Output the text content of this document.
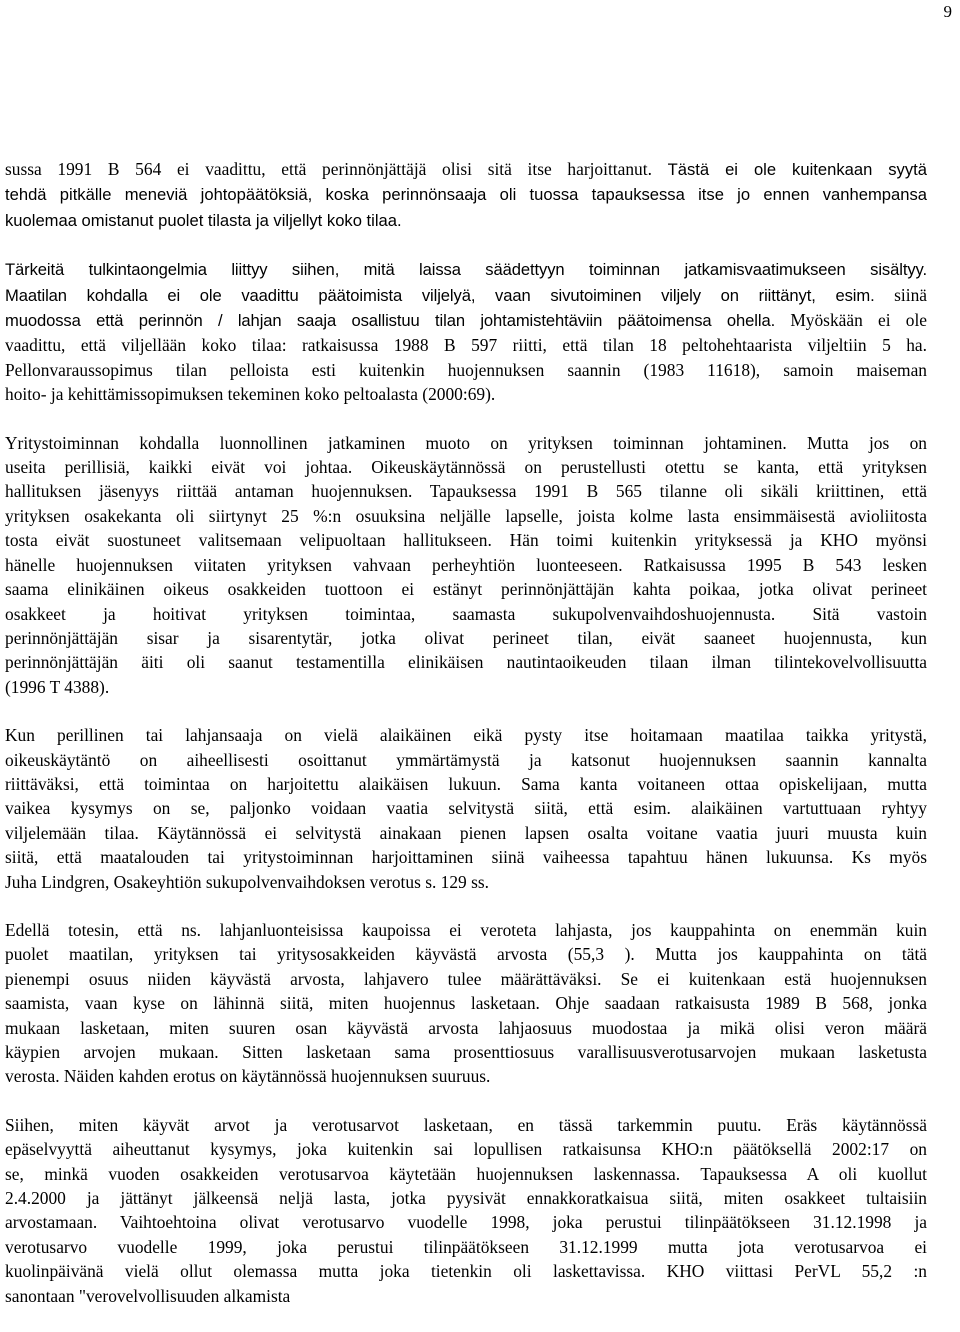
9
sussa 1991 B 564 ei vaadittu, että perinnönjättäjä olisi sitä itse harjoittanut. Tästä ei ole kuitenkaan syytä
tehdä pitkälle meneviä johtopäätöksiä, koska perinnönsaaja oli tuossa tapauksessa itse jo ennen vanhempansa
kuolemaa omistanut puolet tilasta ja viljellyt koko tilaa.
Tärkeitä tulkintaongelmia liittyy siihen, mitä laissa säädettyyn toiminnan jatkamisvaatimukseen sisältyy.
Maatilan kohdalla ei ole vaadittu päätoimista viljelyä, vaan sivutoiminen viljely on riittänyt, esim. siinä
muodossa että perinnön / lahjan saaja osallistuu tilan johtamistehtäviin päätoimensa ohella. Myöskään ei ole
vaadittu, että viljellään koko tilaa: ratkaisussa 1988 B 597 riitti, että tilan 18 peltohehtaarista viljeltiin 5 ha.
Pellonvaraussopimus tilan pelloista esti kuitenkin huojennuksen saannin (1983 11618), samoin maiseman
hoito- ja kehittämissopimuksen tekeminen koko peltoalasta (2000:69).
Yritystoiminnan kohdalla luonnollinen jatkaminen muoto on yrityksen toiminnan johtaminen. Mutta jos on
useita perillisiä, kaikki eivät voi johtaa. Oikeuskäytännössä on perustellusti otettu se kanta, että yrityksen
hallituksen jäsenyys riittää antaman huojennuksen. Tapauksessa 1991 B 565 tilanne oli sikäli kriittinen, että
yrityksen osakekanta oli siirtynyt 25 %:n osuuksina neljälle lapselle, joista kolme lasta ensimmäisestä avioliitosta
tosta eivät suostuneet valitsemaan velipuoltaan hallitukseen. Hän toimi kuitenkin yrityksessä ja KHO myönsi
hänelle huojennuksen viitaten yrityksen vahvaan perheyhtiön luonteeseen. Ratkaisussa 1995 B 543 lesken
saama elinikäinen oikeus osakkeiden tuottoon ei estänyt perinnönjättäjän kahta poikaa, jotka olivat perineet
osakkeet ja hoitivat yrityksen toimintaa, saamasta sukupolvenvaihdoshuojennusta. Sitä vastoin
perinnönjättäjän sisar ja sisarentytär, jotka olivat perineet tilan, eivät saaneet huojennusta, kun
perinnönjättäjän äiti oli saanut testamentilla elinikäisen nautintaoikeuden tilaan ilman tilintekovelvollisuutta
(1996 T 4388).
Kun perillinen tai lahjansaaja on vielä alaikäinen eikä pysty itse hoitamaan maatilaa taikka yritystä,
oikeuskäytäntö on aiheellisesti osoittanut ymmärtämystä ja katsonut huojennuksen saannin kannalta
riittäväksi, että toimintaa on harjoitettu alaikäisen lukuun. Sama kanta voitaneen ottaa opiskelijaan, mutta
vaikea kysymys on se, paljonko voidaan vaatia selvitystä siitä, että esim. alaikäinen vartuttuaan ryhtyy
viljelemään tilaa. Käytännössä ei selvitystä ainakaan pienen lapsen osalta voitane vaatia juuri muusta kuin
siitä, että maatalouden tai yritystoiminnan harjoittaminen siinä vaiheessa tapahtuu hänen lukuunsa. Ks myös
Juha Lindgren, Osakeyhtiön sukupolvenvaihdoksen verotus s. 129 ss.
Edellä totesin, että ns. lahjanluonteisissa kaupoissa ei veroteta lahjasta, jos kauppahinta on enemmän kuin
puolet maatilan, yrityksen tai yritysosakkeiden käyvästä arvosta (55,3 ). Mutta jos kauppahinta on tätä
pienempi osuus niiden käyvästä arvosta, lahjavero tulee määrättäväksi. Se ei kuitenkaan estä huojennuksen
saamista, vaan kyse on lähinnä siitä, miten huojennus lasketaan. Ohje saadaan ratkaisusta 1989 B 568, jonka
mukaan lasketaan, miten suuren osan käyvästä arvosta lahjaosuus muodostaa ja mikä olisi veron määrä
käypien arvojen mukaan. Sitten lasketaan sama prosenttiosuus varallisuusverotusarvojen mukaan lasketusta
verosta. Näiden kahden erotus on käytännössä huojennuksen suuruus.
Siihen, miten käyvät arvot ja verotusarvot lasketaan, en tässä tarkemmin puutu. Eräs käytännössä
epäselvyyttä aiheuttanut kysymys, joka kuitenkin sai lopullisen ratkaisunsa KHO:n päätöksellä 2002:17 on
se, minkä vuoden osakkeiden verotusarvoa käytetään huojennuksen laskennassa. Tapauksessa A oli kuollut
2.4.2000 ja jättänyt jälkeensä neljä lasta, jotka pyysivät ennakkoratkaisua siitä, miten osakkeet tultaisiin
arvostamaan. Vaihtoehtoina olivat verotusarvo vuodelle 1998, joka perustui tilinpäätökseen 31.12.1998 ja
verotusarvo vuodelle 1999, joka perustui tilinpäätökseen 31.12.1999 mutta jota verotusarvoa ei
kuolinpäivänä vielä ollut olemassa mutta joka tietenkin oli laskettavissa. KHO viittasi PerVL 55,2 :n
sanontaan "verovelvollisuuden alkamista
